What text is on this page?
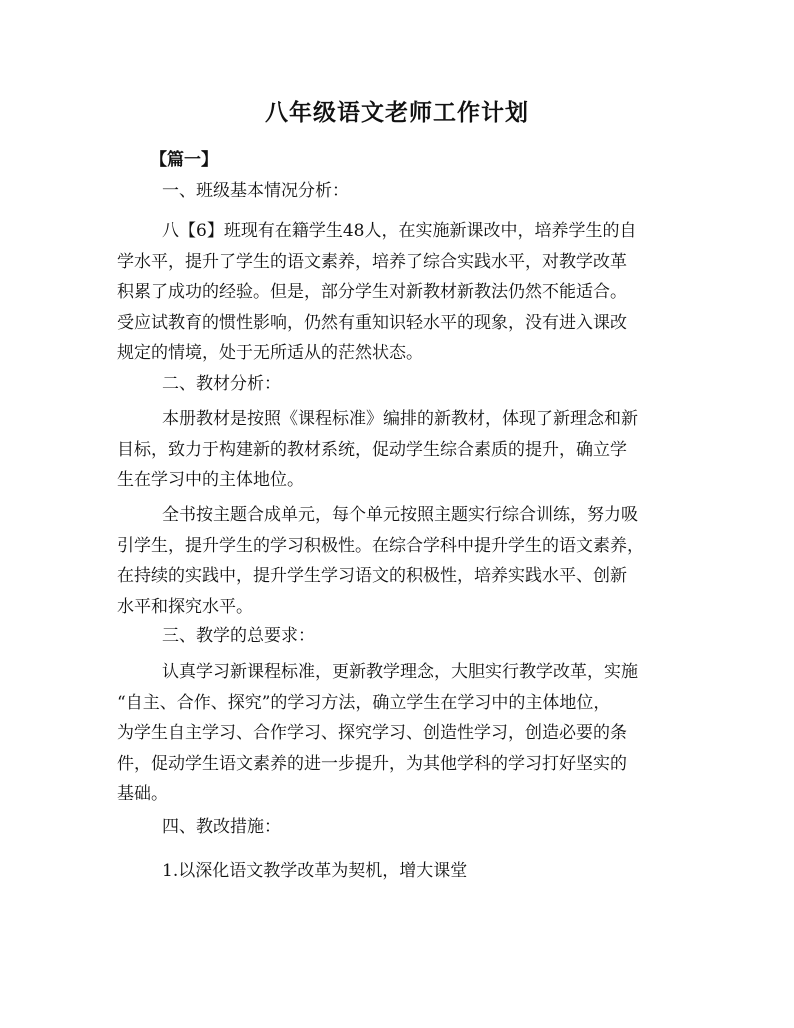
八年级语文老师工作计划
【篇一】
一、班级基本情况分析：
八【6】班现有在籍学生48人，在实施新课改中，培养学生的自
学水平，提升了学生的语文素养，培养了综合实践水平，对教学改革
积累了成功的经验。但是，部分学生对新教材新教法仍然不能适合。
受应试教育的惯性影响，仍然有重知识轻水平的现象，没有进入课改
规定的情境，处于无所适从的茫然状态。
二、教材分析：
本册教材是按照《课程标准》编排的新教材，体现了新理念和新
目标，致力于构建新的教材系统，促动学生综合素质的提升，确立学
生在学习中的主体地位。
全书按主题合成单元，每个单元按照主题实行综合训练，努力吸
引学生，提升学生的学习积极性。在综合学科中提升学生的语文素养，
在持续的实践中，提升学生学习语文的积极性，培养实践水平、创新
水平和探究水平。
三、教学的总要求：
认真学习新课程标准，更新教学理念，大胆实行教学改革，实施
“自主、合作、探究”的学习方法，确立学生在学习中的主体地位，
为学生自主学习、合作学习、探究学习、创造性学习，创造必要的条
件，促动学生语文素养的进一步提升，为其他学科的学习打好坚实的
基础。
四、教改措施：
1.以深化语文教学改革为契机，增大课堂
